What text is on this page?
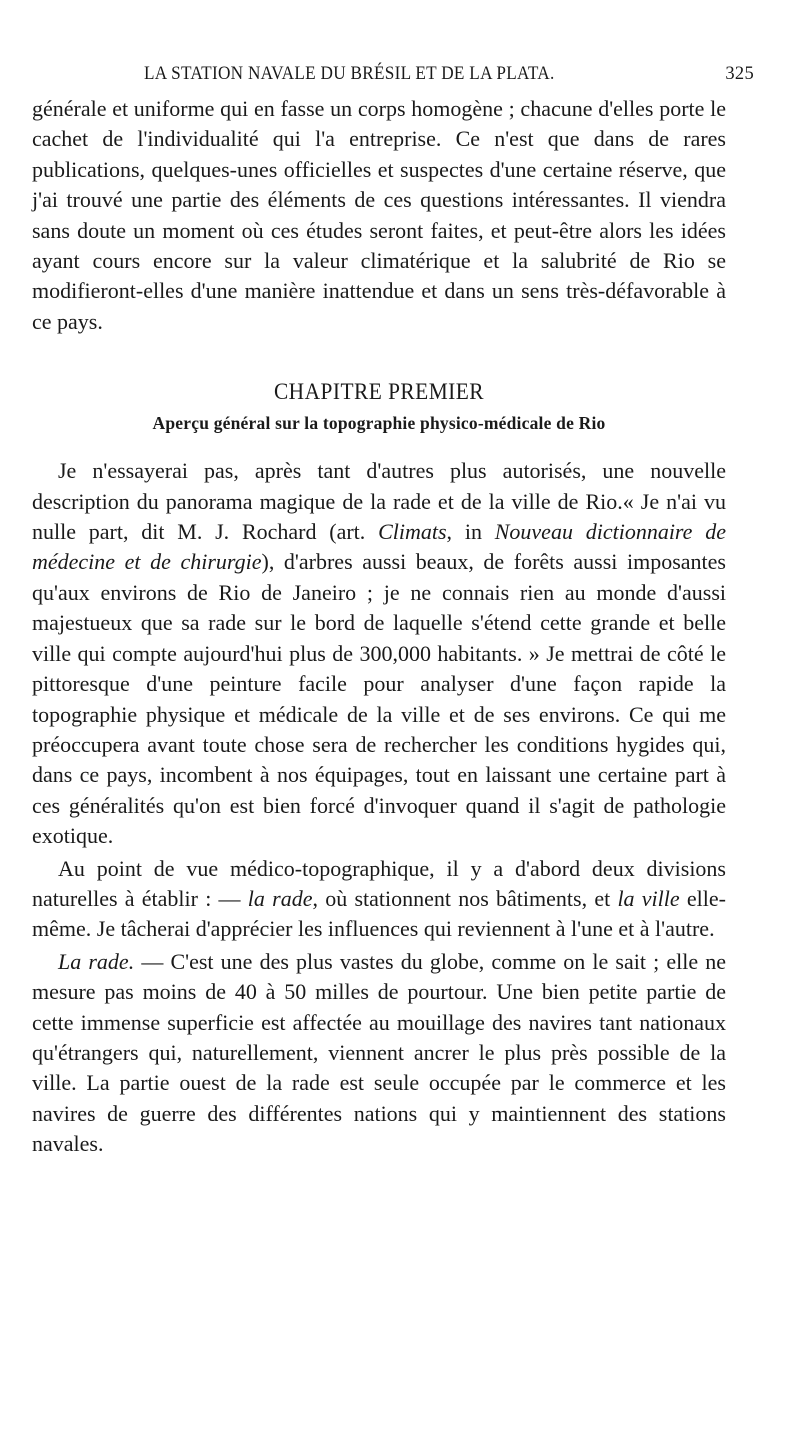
LA STATION NAVALE DU BRÉSIL ET DE LA PLATA.	325

générale et uniforme qui en fasse un corps homogène ; chacune d'elles porte le cachet de l'individualité qui l'a entreprise. Ce n'est que dans de rares publications, quelques-unes officielles et suspectes d'une certaine réserve, que j'ai trouvé une partie des éléments de ces questions intéressantes. Il viendra sans doute un moment où ces études seront faites, et peut-être alors les idées ayant cours encore sur la valeur climatérique et la salubrité de Rio se modifieront-elles d'une manière inattendue et dans un sens très-défavorable à ce pays.

CHAPITRE PREMIER
Aperçu général sur la topographie physico-médicale de Rio

Je n'essayerai pas, après tant d'autres plus autorisés, une nouvelle description du panorama magique de la rade et de la ville de Rio.« Je n'ai vu nulle part, dit M. J. Rochard (art. Climats, in Nouveau dictionnaire de médecine et de chirurgie), d'arbres aussi beaux, de forêts aussi imposantes qu'aux environs de Rio de Janeiro ; je ne connais rien au monde d'aussi majestueux que sa rade sur le bord de laquelle s'étend cette grande et belle ville qui compte aujourd'hui plus de 300,000 habitants. » Je mettrai de côté le pittoresque d'une peinture facile pour analyser d'une façon rapide la topographie physique et médicale de la ville et de ses environs. Ce qui me préoccupera avant toute chose sera de rechercher les conditions hygides qui, dans ce pays, incombent à nos équipages, tout en laissant une certaine part à ces généralités qu'on est bien forcé d'invoquer quand il s'agit de pathologie exotique.

Au point de vue médico-topographique, il y a d'abord deux divisions naturelles à établir : — la rade, où stationnent nos bâtiments, et la ville elle-même. Je tâcherai d'apprécier les influences qui reviennent à l'une et à l'autre.

La rade. — C'est une des plus vastes du globe, comme on le sait ; elle ne mesure pas moins de 40 à 50 milles de pourtour. Une bien petite partie de cette immense superficie est affectée au mouillage des navires tant nationaux qu'étrangers qui, naturellement, viennent ancrer le plus près possible de la ville. La partie ouest de la rade est seule occupée par le commerce et les navires de guerre des différentes nations qui y maintiennent des stations navales.
